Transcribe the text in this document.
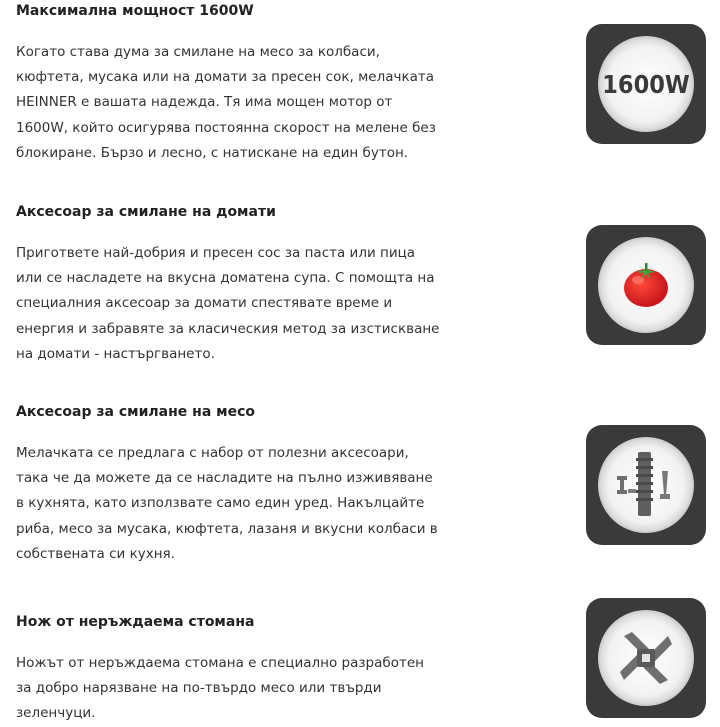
Максимална мощност 1600W

Когато става дума за смилане на месо за колбаси, кюфтета, мусака или на домати за пресен сок, мелачката HEINNER е вашата надежда. Тя има мощен мотор от 1600W, който осигурява постоянна скорост на мелене без блокиране. Бързо и лесно, с натискане на един бутон.

1600W
Аксесоар за смилане на домати

Пригответе най-добрия и пресен сос за паста или пица или се насладете на вкусна доматена супа. С помощта на специалния аксесоар за домати спестявате време и енергия и забравяте за класическия метод за изстискване на домати - настъргването.

Аксесоар за смилане на месо

Мелачката се предлага с набор от полезни аксесоари, така че да можете да се насладите на пълно изживяване в кухнята, като използвате само един уред. Накълцайте риба, месо за мусака, кюфтета, лазаня и вкусни колбаси в собствената си кухня.

Нож от неръждаема стомана

Ножът от неръждаема стомана е специално разработен за добро нарязване на по-твърдо месо или твърди зеленчуци.
